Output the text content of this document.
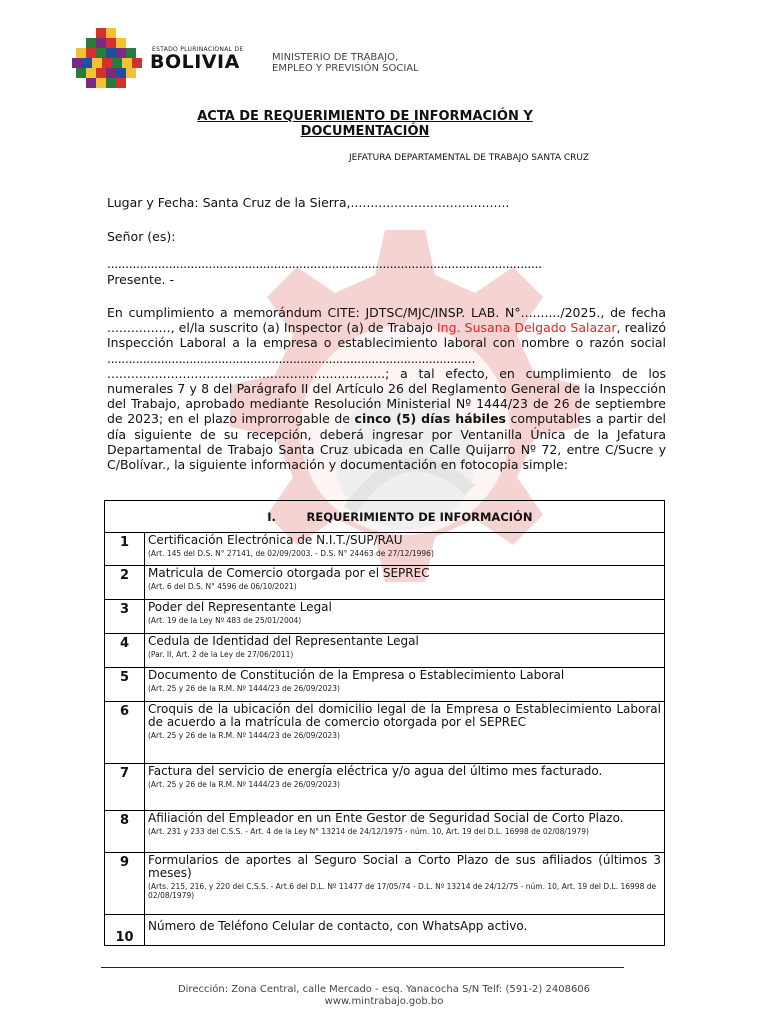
ESTADO PLURINACIONAL DE
BOLIVIA	MINISTERIO DE TRABAJO,
EMPLEO Y PREVISIÓN SOCIAL
ACTA DE REQUERIMIENTO DE INFORMACIÓN Y
DOCUMENTACIÓN
JEFATURA DEPARTAMENTAL DE TRABAJO SANTA CRUZ
Lugar y Fecha: Santa Cruz de la Sierra,........................................
Señor (es):
........................................................................................................................
Presente. -
En cumplimiento a memorándum CITE: JDTSC/MJC/INSP. LAB. N°........../2025., de fecha ................, el/la suscrito (a) Inspector (a) de Trabajo Ing. Susana Delgado Salazar, realizó Inspección Laboral a la empresa o establecimiento laboral con nombre o razón social ....................................................................................................... ......................................................................; a tal efecto, en cumplimiento de los numerales 7 y 8 del Parágrafo II del Artículo 26 del Reglamento General de la Inspección del Trabajo, aprobado mediante Resolución Ministerial Nº 1444/23 de 26 de septiembre de 2023; en el plazo improrrogable de cinco (5) días hábiles computables a partir del día siguiente de su recepción, deberá ingresar por Ventanilla Única de la Jefatura Departamental de Trabajo Santa Cruz ubicada en Calle Quijarro Nº 72, entre C/Sucre y C/Bolívar., la siguiente información y documentación en fotocopia simple:
I. REQUERIMIENTO DE INFORMACIÓN	
1	Certificación Electrónica de N.I.T./SUP/RAU
(Art. 145 del D.S. N° 27141, de 02/09/2003. - D.S. N° 24463 de 27/12/1996)

2	Matricula de Comercio otorgada por el SEPREC
(Art. 6 del D.S. N° 4596 de 06/10/2021)

3	Poder del Representante Legal
(Art. 19 de la Ley Nº 483 de 25/01/2004)

4	Cedula de Identidad del Representante Legal
(Par. II, Art. 2 de la Ley de 27/06/2011)

5	Documento de Constitución de la Empresa o Establecimiento Laboral
(Art. 25 y 26 de la R.M. Nº 1444/23 de 26/09/2023)

6	Croquis de la ubicación del domicilio legal de la Empresa o Establecimiento Laboral de acuerdo a la matrícula de comercio otorgada por el SEPREC
(Art. 25 y 26 de la R.M. Nº 1444/23 de 26/09/2023)

7	Factura del servicio de energía eléctrica y/o agua del último mes facturado.
(Art. 25 y 26 de la R.M. Nº 1444/23 de 26/09/2023)

8	Afiliación del Empleador en un Ente Gestor de Seguridad Social de Corto Plazo.
(Art. 231 y 233 del C.S.S. - Art. 4 de la Ley N° 13214 de 24/12/1975 - núm. 10, Art. 19 del D.L. 16998 de 02/08/1979)

9	Formularios de aportes al Seguro Social a Corto Plazo de sus afiliados (últimos 3 meses)
(Arts. 215, 216, y 220 del C.S.S. - Art.6 del D.L. Nº 11477 de 17/05/74 - D.L. Nº 13214 de 24/12/75 - núm. 10, Art. 19 del D.L. 16998 de 02/08/1979)

10	Número de Teléfono Celular de contacto, con WhatsApp activo.
Dirección: Zona Central, calle Mercado - esq. Yanacocha S/N Telf: (591-2) 2408606
www.mintrabajo.gob.bo
